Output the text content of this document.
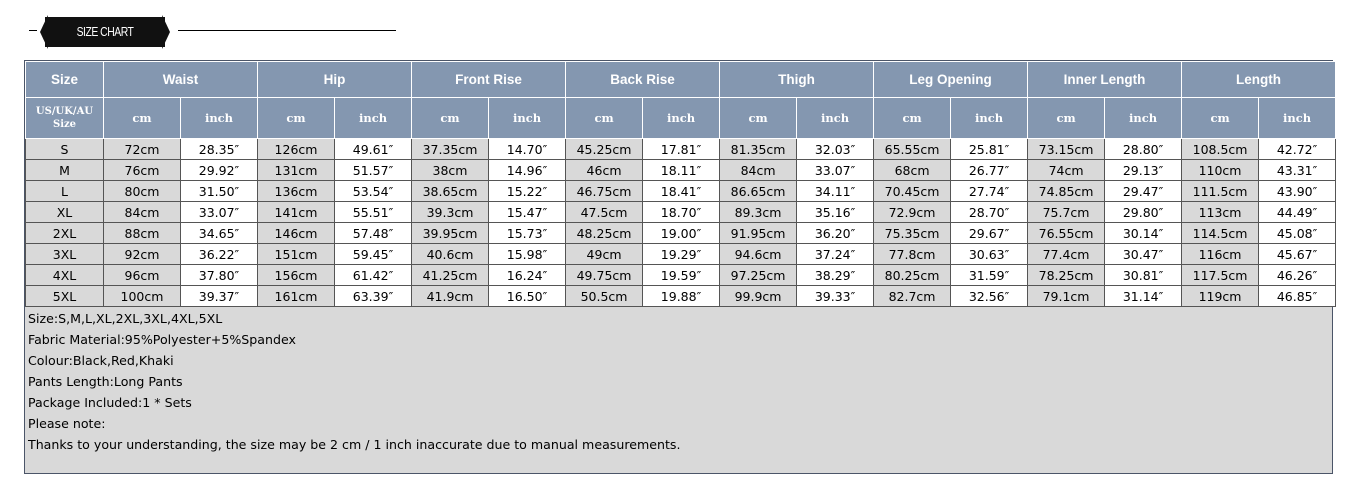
SIZE CHART
Size	Waist		Hip		Front Rise		Back Rise		Thigh		Leg Opening		Inner Length		Length	

US/UK/AU
Size	cm	inch	cm	inch	cm	inch	cm	inch	cm	inch	cm	inch	cm	inch	cm	inch
S	72cm	28.35″	126cm	49.61″	37.35cm	14.70″	45.25cm	17.81″	81.35cm	32.03″	65.55cm	25.81″	73.15cm	28.80″	108.5cm	42.72″
M	76cm	29.92″	131cm	51.57″	38cm	14.96″	46cm	18.11″	84cm	33.07″	68cm	26.77″	74cm	29.13″	110cm	43.31″
L	80cm	31.50″	136cm	53.54″	38.65cm	15.22″	46.75cm	18.41″	86.65cm	34.11″	70.45cm	27.74″	74.85cm	29.47″	111.5cm	43.90″
XL	84cm	33.07″	141cm	55.51″	39.3cm	15.47″	47.5cm	18.70″	89.3cm	35.16″	72.9cm	28.70″	75.7cm	29.80″	113cm	44.49″
2XL	88cm	34.65″	146cm	57.48″	39.95cm	15.73″	48.25cm	19.00″	91.95cm	36.20″	75.35cm	29.67″	76.55cm	30.14″	114.5cm	45.08″
3XL	92cm	36.22″	151cm	59.45″	40.6cm	15.98″	49cm	19.29″	94.6cm	37.24″	77.8cm	30.63″	77.4cm	30.47″	116cm	45.67″
4XL	96cm	37.80″	156cm	61.42″	41.25cm	16.24″	49.75cm	19.59″	97.25cm	38.29″	80.25cm	31.59″	78.25cm	30.81″	117.5cm	46.26″
5XL	100cm	39.37″	161cm	63.39″	41.9cm	16.50″	50.5cm	19.88″	99.9cm	39.33″	82.7cm	32.56″	79.1cm	31.14″	119cm	46.85″
Size:S,M,L,XL,2XL,3XL,4XL,5XL
Fabric Material:95%Polyester+5%Spandex
Colour:Black,Red,Khaki
Pants Length:Long Pants
Package Included:1 * Sets
Please note:
Thanks to your understanding, the size may be 2 cm / 1 inch inaccurate due to manual measurements.
